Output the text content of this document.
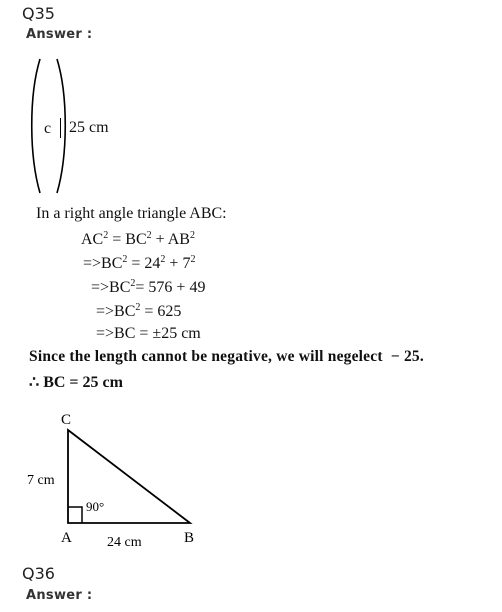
Q35
Answer :
c 25 cm
In a right angle triangle ABC:
$AC^2 = BC^2 + AB^2$
$=>BC^2 = 24^2 + 7^2$
$=>BC^2= 576 + 49$
$=>BC^2 = 625$
=>BC = ±25 cm
Since the length cannot be negative, we will negelect  − 25.
∴ BC = 25 cm
C
A	B
7 cm
24 cm
90°
Q36
Answer :
